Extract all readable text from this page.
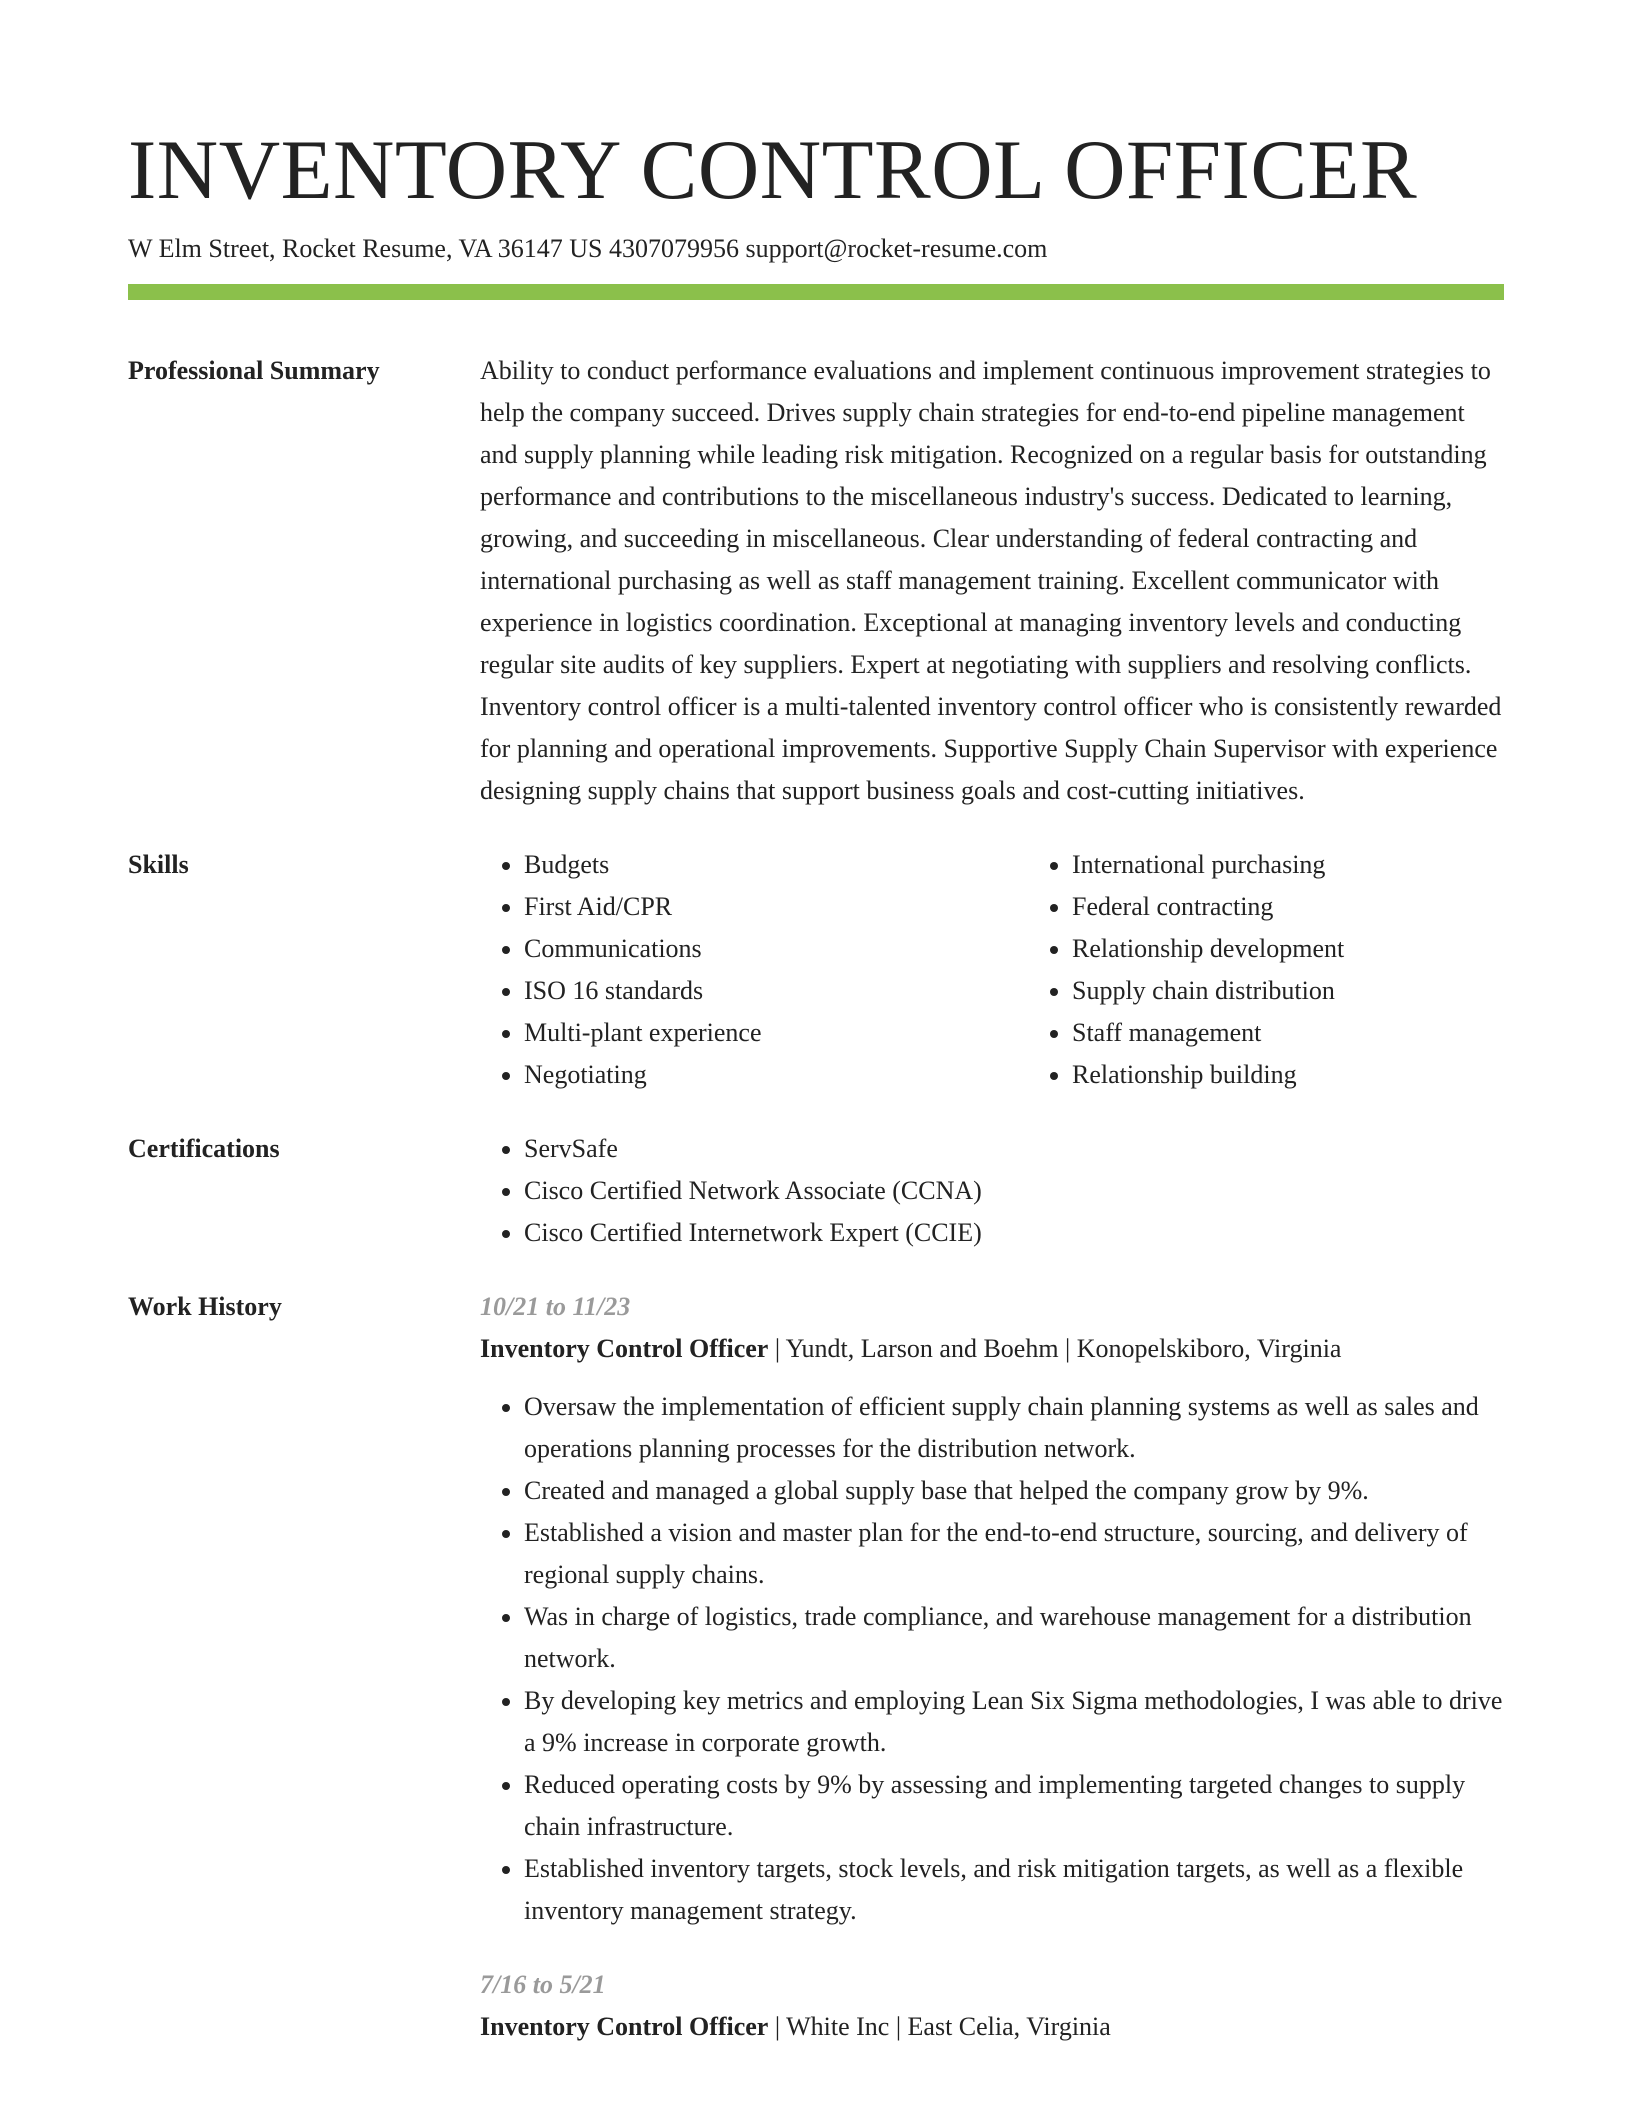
INVENTORY CONTROL OFFICER
W Elm Street, Rocket Resume, VA 36147 US 4307079956 support@rocket-resume.com
Professional Summary	Ability to conduct performance evaluations and implement continuous improvement strategies to help the company succeed. Drives supply chain strategies for end-to-end pipeline management and supply planning while leading risk mitigation. Recognized on a regular basis for outstanding performance and contributions to the miscellaneous industry's success. Dedicated to learning, growing, and succeeding in miscellaneous. Clear understanding of federal contracting and international purchasing as well as staff management training. Excellent communicator with experience in logistics coordination. Exceptional at managing inventory levels and conducting regular site audits of key suppliers. Expert at negotiating with suppliers and resolving conflicts. Inventory control officer is a multi-talented inventory control officer who is consistently rewarded for planning and operational improvements. Supportive Supply Chain Supervisor with experience designing supply chains that support business goals and cost-cutting initiatives.

Skills	• Budgets
• First Aid/CPR
• Communications
• ISO 16 standards
• Multi-plant experience
• Negotiating
• International purchasing
• Federal contracting
• Relationship development
• Supply chain distribution
• Staff management
• Relationship building
Certifications	• ServSafe
• Cisco Certified Network Associate (CCNA)
• Cisco Certified Internetwork Expert (CCIE)
Work History	10/21 to 11/23
Inventory Control Officer | Yundt, Larson and Boehm | Konopelskiboro, Virginia
• Oversaw the implementation of efficient supply chain planning systems as well as sales and operations planning processes for the distribution network.
• Created and managed a global supply base that helped the company grow by 9%.
• Established a vision and master plan for the end-to-end structure, sourcing, and delivery of regional supply chains.
• Was in charge of logistics, trade compliance, and warehouse management for a distribution network.
• By developing key metrics and employing Lean Six Sigma methodologies, I was able to drive a 9% increase in corporate growth.
• Reduced operating costs by 9% by assessing and implementing targeted changes to supply chain infrastructure.
• Established inventory targets, stock levels, and risk mitigation targets, as well as a flexible inventory management strategy.
7/16 to 5/21
Inventory Control Officer | White Inc | East Celia, Virginia
